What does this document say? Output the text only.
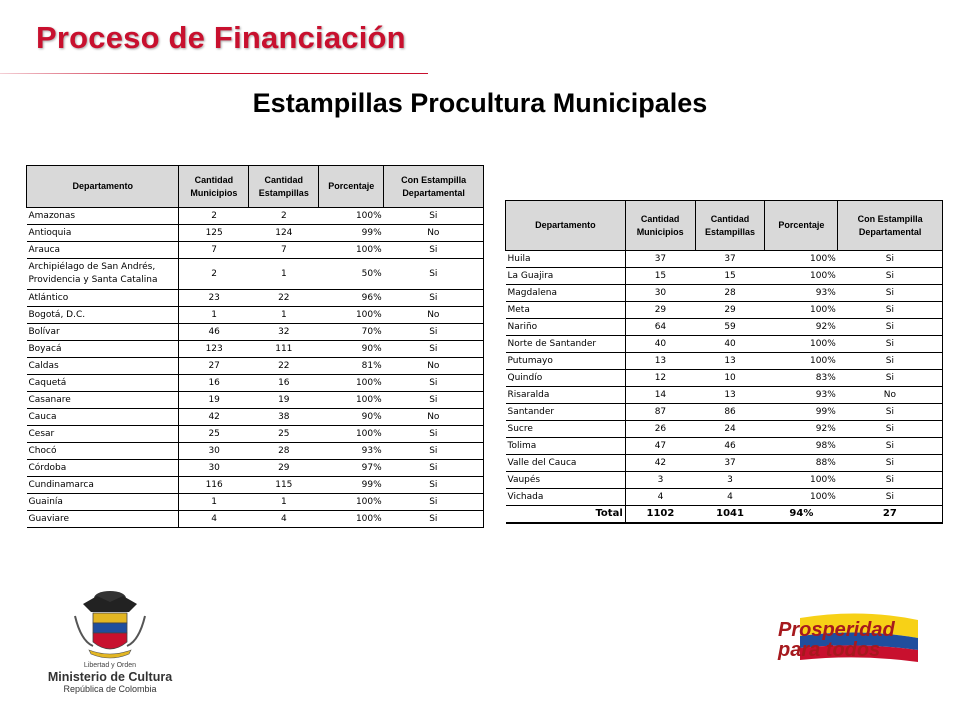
Proceso de Financiación
Estampillas Procultura Municipales
Departamento	Cantidad Municipios	Cantidad Estampillas	Porcentaje	Con Estampilla Departamental
Amazonas	2	2	100%	Si
Antioquia	125	124	99%	No
Arauca	7	7	100%	Si
Archipiélago de San Andrés, Providencia y Santa Catalina	2	1	50%	Si
Atlántico	23	22	96%	Si
Bogotá, D.C.	1	1	100%	No
Bolívar	46	32	70%	Si
Boyacá	123	111	90%	Si
Caldas	27	22	81%	No
Caquetá	16	16	100%	Si
Casanare	19	19	100%	Si
Cauca	42	38	90%	No
Cesar	25	25	100%	Si
Chocó	30	28	93%	Si
Córdoba	30	29	97%	Si
Cundinamarca	116	115	99%	Si
Guainía	1	1	100%	Si
Guaviare	4	4	100%	Si
Departamento	Cantidad Municipios	Cantidad Estampillas	Porcentaje	Con Estampilla Departamental
Huila	37	37	100%	Si
La Guajira	15	15	100%	Si
Magdalena	30	28	93%	Si
Meta	29	29	100%	Si
Nariño	64	59	92%	Si
Norte de Santander	40	40	100%	Si
Putumayo	13	13	100%	Si
Quindío	12	10	83%	Si
Risaralda	14	13	93%	No
Santander	87	86	99%	Si
Sucre	26	24	92%	Si
Tolima	47	46	98%	Si
Valle del Cauca	42	37	88%	Si
Vaupés	3	3	100%	Si
Vichada	4	4	100%	Si
Total	1102	1041	94%	27
Libertad y Orden
Ministerio de Cultura
República de Colombia
Prosperidad
para todos
